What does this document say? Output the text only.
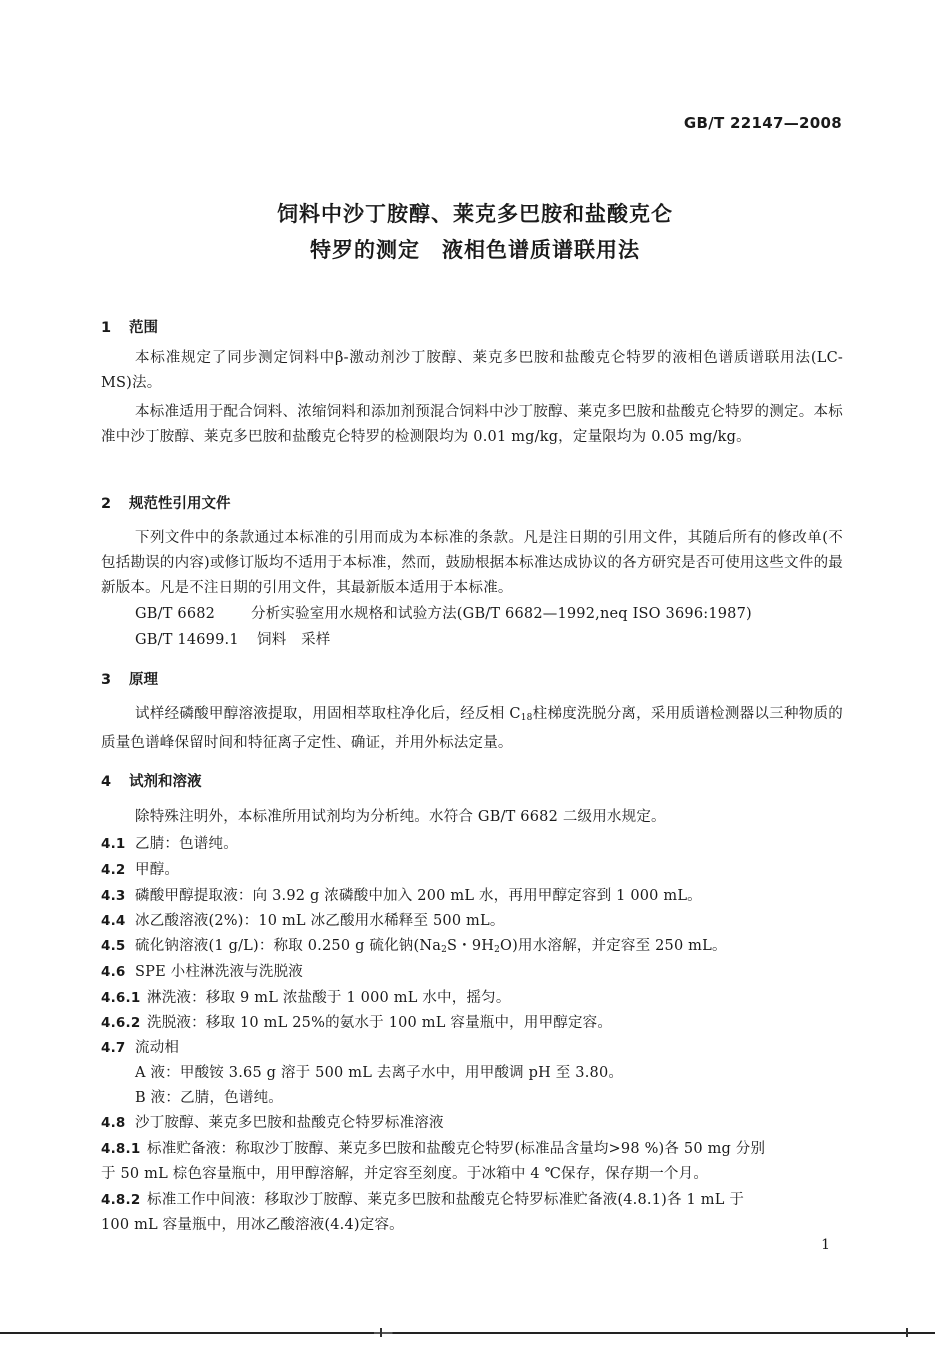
GB/T 22147—2008
饲料中沙丁胺醇、莱克多巴胺和盐酸克仑
特罗的测定　液相色谱质谱联用法
1 范围
本标准规定了同步测定饲料中β-激动剂沙丁胺醇、莱克多巴胺和盐酸克仑特罗的液相色谱质谱联用法(LC-MS)法。
本标准适用于配合饲料、浓缩饲料和添加剂预混合饲料中沙丁胺醇、莱克多巴胺和盐酸克仑特罗的测定。本标准中沙丁胺醇、莱克多巴胺和盐酸克仑特罗的检测限均为 0.01 mg/kg，定量限均为 0.05 mg/kg。
2 规范性引用文件
下列文件中的条款通过本标准的引用而成为本标准的条款。凡是注日期的引用文件，其随后所有的修改单(不包括勘误的内容)或修订版均不适用于本标准，然而，鼓励根据本标准达成协议的各方研究是否可使用这些文件的最新版本。凡是不注日期的引用文件，其最新版本适用于本标准。
GB/T 6682 分析实验室用水规格和试验方法(GB/T 6682—1992,neq ISO 3696:1987)
GB/T 14699.1 饲料　采样
3 原理
试样经磷酸甲醇溶液提取，用固相萃取柱净化后，经反相 $C_{18}$柱梯度洗脱分离，采用质谱检测器以三种物质的质量色谱峰保留时间和特征离子定性、确证，并用外标法定量。
4 试剂和溶液
除特殊注明外，本标准所用试剂均为分析纯。水符合 GB/T 6682 二级用水规定。
4.1 乙腈：色谱纯。
4.2 甲醇。
4.3 磷酸甲醇提取液：向 3.92 g 浓磷酸中加入 200 mL 水，再用甲醇定容到 1 000 mL。
4.4 冰乙酸溶液(2%)：10 mL 冰乙酸用水稀释至 500 mL。
4.5 硫化钠溶液(1 g/L)：称取 0.250 g 硫化钠($Na_2S$・$9H_2O$)用水溶解，并定容至 250 mL。
4.6 SPE 小柱淋洗液与洗脱液
4.6.1 淋洗液：移取 9 mL 浓盐酸于 1 000 mL 水中，摇匀。
4.6.2 洗脱液：移取 10 mL 25%的氨水于 100 mL 容量瓶中，用甲醇定容。
4.7 流动相
A 液：甲酸铵 3.65 g 溶于 500 mL 去离子水中，用甲酸调 pH 至 3.80。
B 液：乙腈，色谱纯。
4.8 沙丁胺醇、莱克多巴胺和盐酸克仑特罗标准溶液
4.8.1 标准贮备液：称取沙丁胺醇、莱克多巴胺和盐酸克仑特罗(标准品含量均>98 %)各 50 mg 分别
于 50 mL 棕色容量瓶中，用甲醇溶解，并定容至刻度。于冰箱中 4 ℃保存，保存期一个月。
4.8.2 标准工作中间液：移取沙丁胺醇、莱克多巴胺和盐酸克仑特罗标准贮备液(4.8.1)各 1 mL 于
100 mL 容量瓶中，用冰乙酸溶液(4.4)定容。
1
